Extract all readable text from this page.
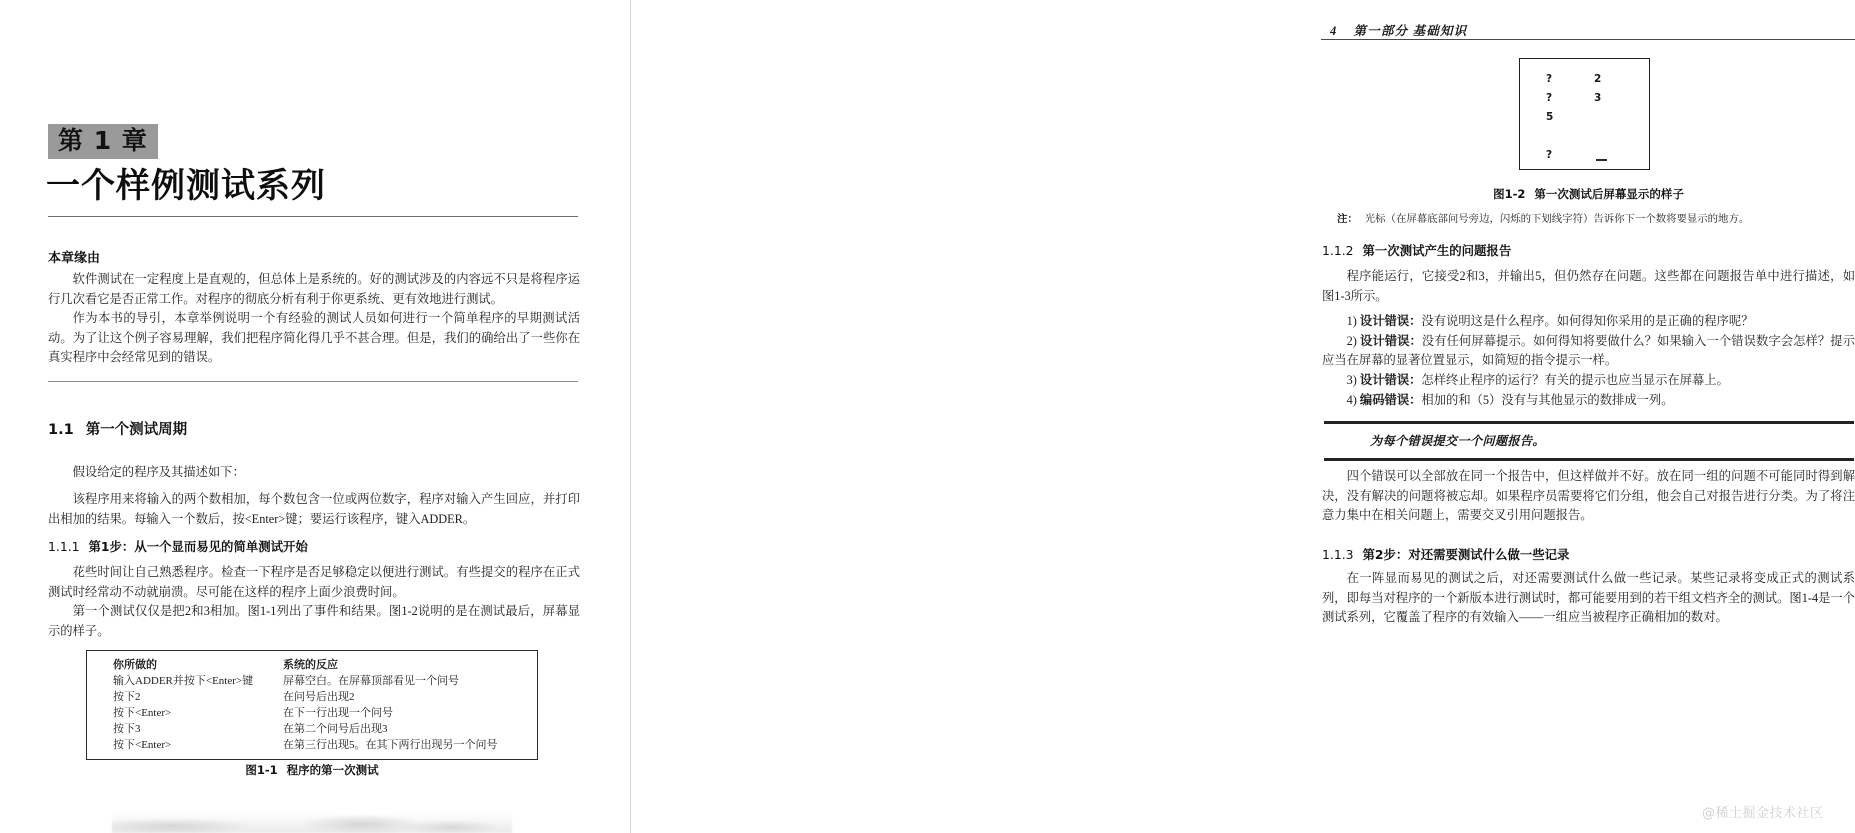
第 1 章
一个样例测试系列
本章缘由

软件测试在一定程度上是直观的，但总体上是系统的。好的测试涉及的内容远不只是将程序运行几次看它是否正常工作。对程序的彻底分析有利于你更系统、更有效地进行测试。

作为本书的导引，本章举例说明一个有经验的测试人员如何进行一个简单程序的早期测试活动。为了让这个例子容易理解，我们把程序简化得几乎不甚合理。但是，我们的确给出了一些你在真实程序中会经常见到的错误。

1.1 第一个测试周期

假设给定的程序及其描述如下：

该程序用来将输入的两个数相加，每个数包含一位或两位数字，程序对输入产生回应，并打印出相加的结果。每输入一个数后，按<Enter>键；要运行该程序，键入ADDER。

1.1.1 第1步：从一个显而易见的简单测试开始

花些时间让自己熟悉程序。检查一下程序是否足够稳定以便进行测试。有些提交的程序在正式测试时经常动不动就崩溃。尽可能在这样的程序上面少浪费时间。

第一个测试仅仅是把2和3相加。图1-1列出了事件和结果。图1-2说明的是在测试最后，屏幕显示的样子。

你所做的	系统的反应
输入ADDER并按下<Enter>键	屏幕空白。在屏幕顶部看见一个问号
按下2	在问号后出现2
按下<Enter>	在下一行出现一个问号
按下3	在第二个问号后出现3
按下<Enter>	在第三行出现5。在其下两行出现另一个问号
图1-1 程序的第一次测试
4 第一部分 基础知识
?	2
?	3
5
?
图1-2 第一次测试后屏幕显示的样子
注： 光标（在屏幕底部问号旁边，闪烁的下划线字符）告诉你下一个数将要显示的地方。
1.1.2 第一次测试产生的问题报告

程序能运行，它接受2和3，并输出5，但仍然存在问题。这些都在问题报告单中进行描述，如图1-3所示。

1) 设计错误：没有说明这是什么程序。如何得知你采用的是正确的程序呢？
2) 设计错误：没有任何屏幕提示。如何得知将要做什么？如果输入一个错误数字会怎样？提示应当在屏幕的显著位置显示，如简短的指令提示一样。
3) 设计错误：怎样终止程序的运行？有关的提示也应当显示在屏幕上。
4) 编码错误：相加的和（5）没有与其他显示的数排成一列。
为每个错误提交一个问题报告。

四个错误可以全部放在同一个报告中，但这样做并不好。放在同一组的问题不可能同时得到解决，没有解决的问题将被忘却。如果程序员需要将它们分组，他会自己对报告进行分类。为了将注意力集中在相关问题上，需要交叉引用问题报告。

1.1.3 第2步：对还需要测试什么做一些记录

在一阵显而易见的测试之后，对还需要测试什么做一些记录。某些记录将变成正式的测试系列，即每当对程序的一个新版本进行测试时，都可能要用到的若干组文档齐全的测试。图1-4是一个测试系列，它覆盖了程序的有效输入——一组应当被程序正确相加的数对。

@稀土掘金技术社区
